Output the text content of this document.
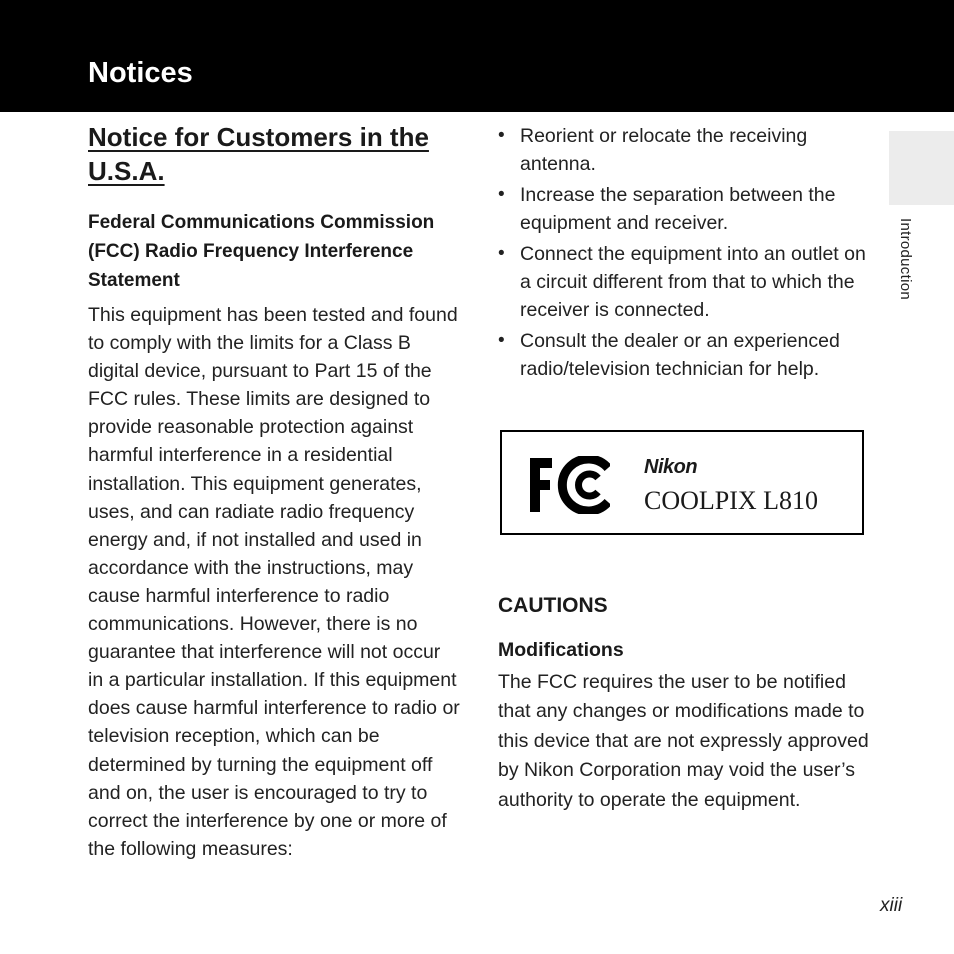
Notices
Notice for Customers in the U.S.A.
Federal Communications Commission (FCC) Radio Frequency Interference Statement

This equipment has been tested and found to comply with the limits for a Class B digital device, pursuant to Part 15 of the FCC rules. These limits are designed to provide reasonable protection against harmful interference in a residential installation. This equipment generates, uses, and can radiate radio frequency energy and, if not installed and used in accordance with the instructions, may cause harmful interference to radio communications. However, there is no guarantee that interference will not occur in a particular installation. If this equipment does cause harmful interference to radio or television reception, which can be determined by turning the equipment off and on, the user is encouraged to try to correct the interference by one or more of the following measures:

• Reorient or relocate the receiving antenna.
• Increase the separation between the equipment and receiver.
• Connect the equipment into an outlet on a circuit different from that to which the receiver is connected.
• Consult the dealer or an experienced radio/television technician for help.
Nikon
COOLPIX L810
CAUTIONS
Modifications

The FCC requires the user to be notified that any changes or modifications made to this device that are not expressly approved by Nikon Corporation may void the user’s authority to operate the equipment.

Introduction
xiii
